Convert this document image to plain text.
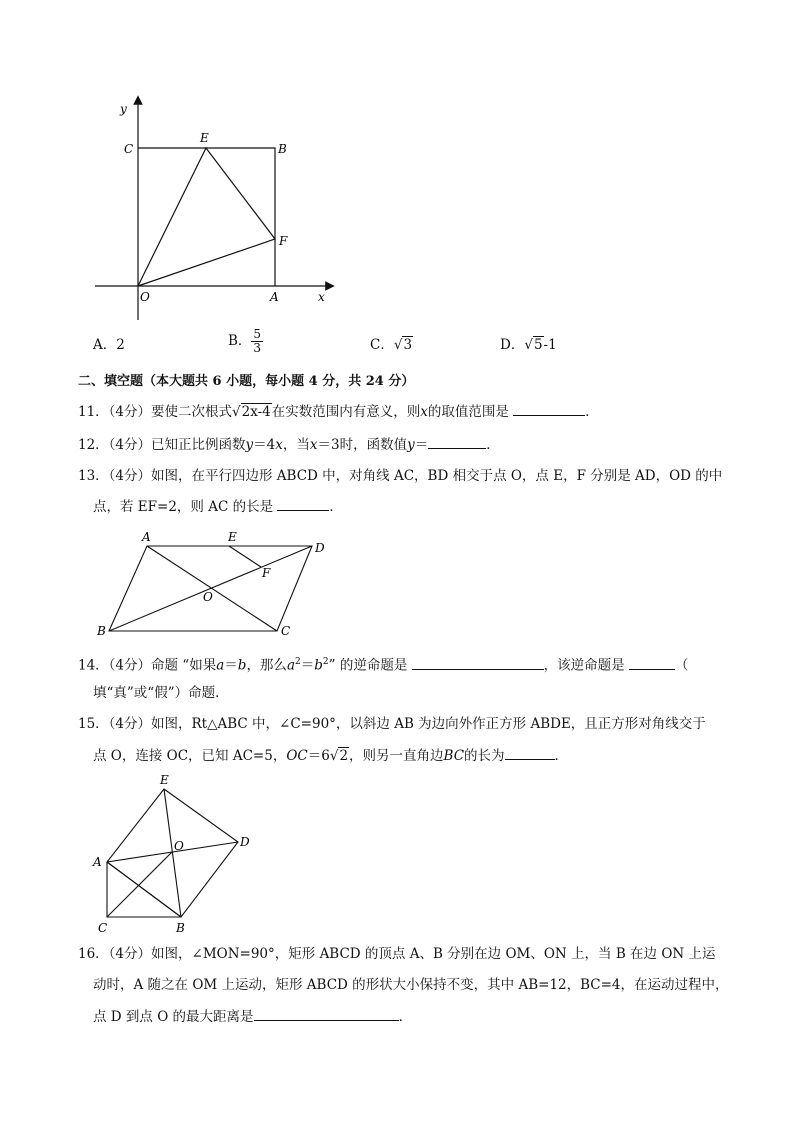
y
C
E
B
F
O	A	x
A．2	B． $\frac{5}{3}$	C．√3	D．√5-1
二、填空题（本大题共 6 小题，每小题 4 分，共 24 分）
11．（4分）要使二次根式√2x-4在实数范围内有意义，则x的取值范围是	．
12．（4分）已知正比例函数y＝4x，当x＝3时，函数值y＝	．
13．（4分）如图，在平行四边形 ABCD 中，对角线 AC，BD 相交于点 O，点 E，F 分别是 AD，OD 的中
点，若 EF=2，则 AC 的长是	．
A	E
D
F
O
B	C
14．（4分）命题 “如果a＝b，那么$a^2=b^2$” 的逆命题是	，该逆命题是	（
填“真”或“假”）命题．
15．（4分）如图，Rt△ABC 中，∠C=90°，以斜边 AB 为边向外作正方形 ABDE，且正方形对角线交于
点 O，连接 OC，已知 AC=5，OC＝6√2，则另一直角边BC的长为	．
E
O	D
A
C	B
16．（4分）如图，∠MON=90°，矩形 ABCD 的顶点 A、B 分别在边 OM、ON 上，当 B 在边 ON 上运
动时，A 随之在 OM 上运动，矩形 ABCD 的形状大小保持不变，其中 AB=12，BC=4，在运动过程中，
点 D 到点 O 的最大距离是	．
